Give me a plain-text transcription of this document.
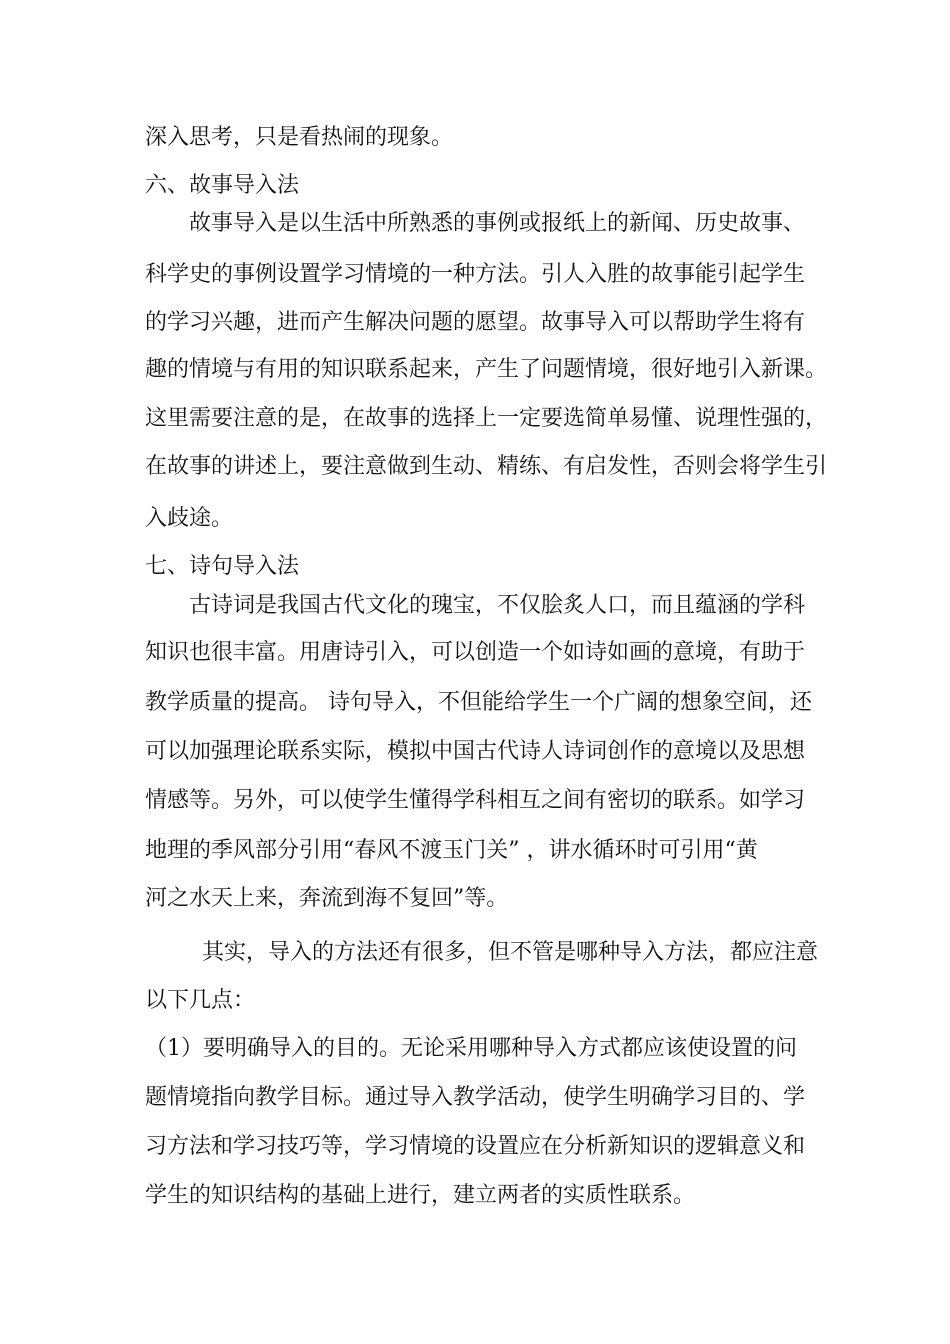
深入思考，只是看热闹的现象。
六、故事导入法
故事导入是以生活中所熟悉的事例或报纸上的新闻、历史故事、
科学史的事例设置学习情境的一种方法。引人入胜的故事能引起学生
的学习兴趣，进而产生解决问题的愿望。故事导入可以帮助学生将有
趣的情境与有用的知识联系起来，产生了问题情境，很好地引入新课。
这里需要注意的是，在故事的选择上一定要选简单易懂、说理性强的，
在故事的讲述上，要注意做到生动、精练、有启发性，否则会将学生引
入歧途。
七、诗句导入法
古诗词是我国古代文化的瑰宝，不仅脍炙人口，而且蕴涵的学科
知识也很丰富。用唐诗引入，可以创造一个如诗如画的意境，有助于
教学质量的提高。 诗句导入，不但能给学生一个广阔的想象空间，还
可以加强理论联系实际，模拟中国古代诗人诗词创作的意境以及思想
情感等。另外，可以使学生懂得学科相互之间有密切的联系。如学习
地理的季风部分引用“春风不渡玉门关” ，讲水循环时可引用“黄
河之水天上来，奔流到海不复回”等。
其实，导入的方法还有很多，但不管是哪种导入方法，都应注意
以下几点：
（1）要明确导入的目的。无论采用哪种导入方式都应该使设置的问
题情境指向教学目标。通过导入教学活动，使学生明确学习目的、学
习方法和学习技巧等，学习情境的设置应在分析新知识的逻辑意义和
学生的知识结构的基础上进行，建立两者的实质性联系。
